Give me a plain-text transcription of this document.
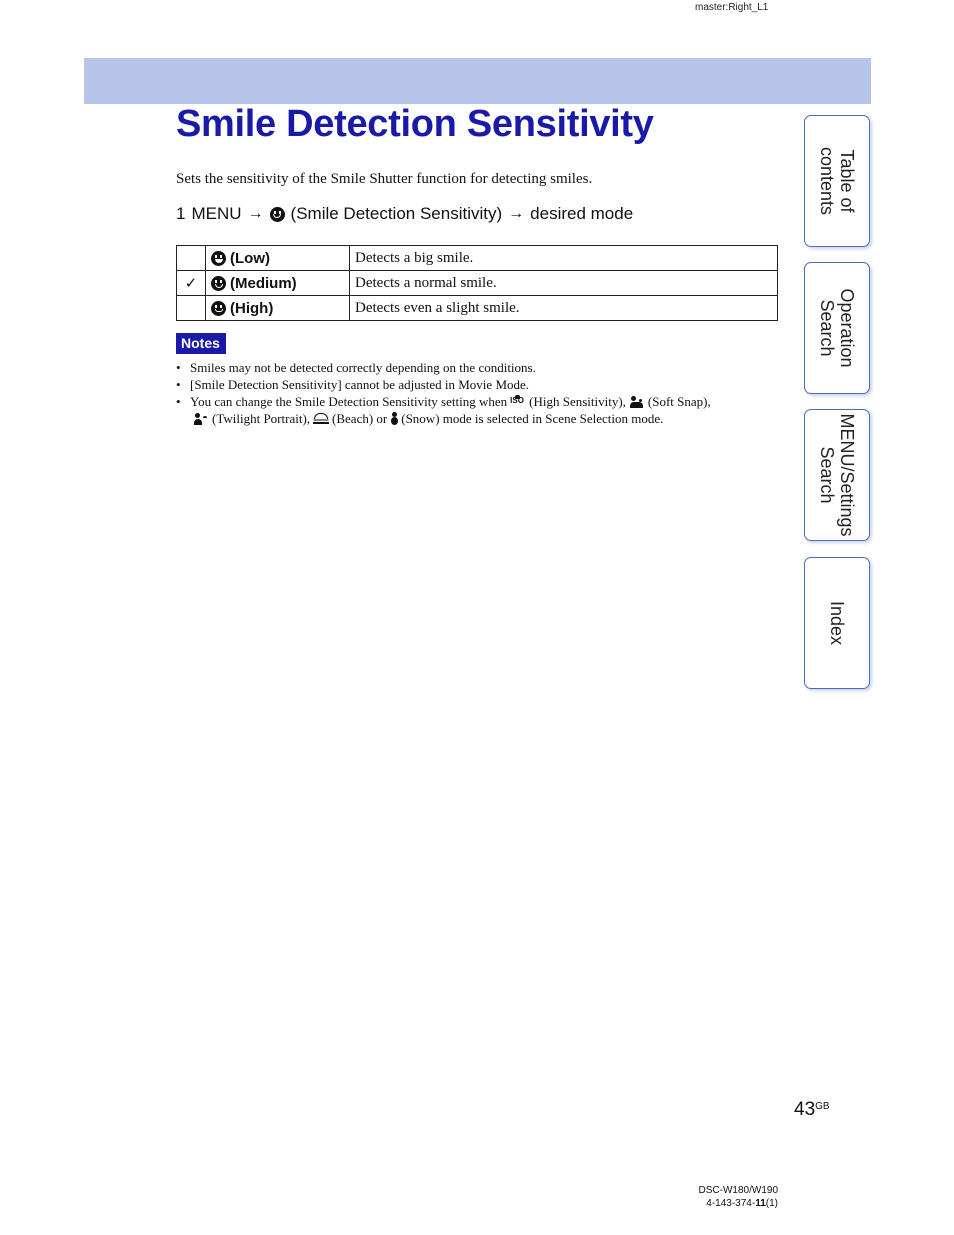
master:Right_L1
Smile Detection Sensitivity
Sets the sensitivity of the Smile Shutter function for detecting smiles.
1 MENU → (Smile Detection Sensitivity) → desired mode
	(Low)	Detects a big smile.
✓	(Medium)	Detects a normal smile.
	(High)	Detects even a slight smile.
Notes
• Smiles may not be detected correctly depending on the conditions.
• [Smile Detection Sensitivity] cannot be adjusted in Movie Mode.
• You can change the Smile Detection Sensitivity setting when ISO (High Sensitivity), (Soft Snap),
(Twilight Portrait), (Beach) or (Snow) mode is selected in Scene Selection mode.
Table of
contents
Operation
Search
MENU/Settings
Search
Index
$43^{GB}$
DSC-W180/W190
4-143-374-11(1)
